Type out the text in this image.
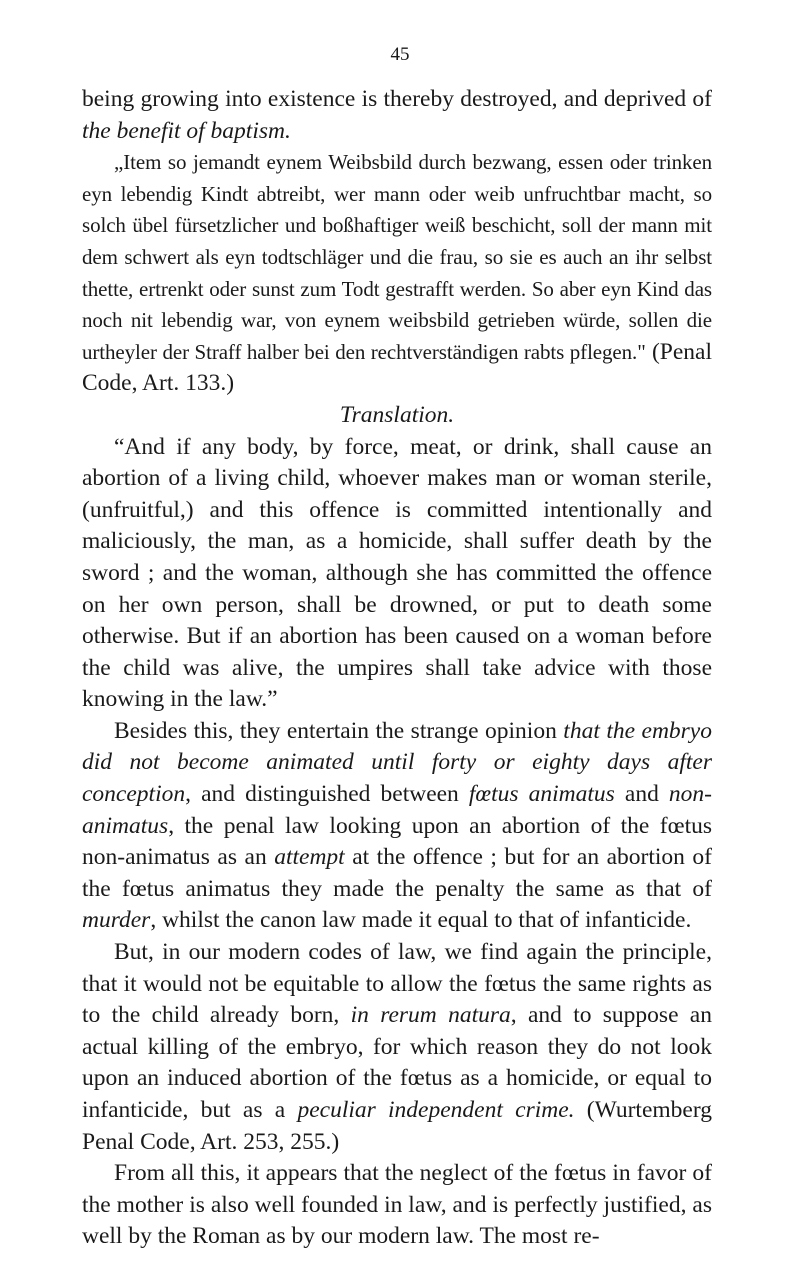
45

being growing into existence is thereby destroyed, and deprived of the benefit of baptism.

„Item so jemandt eynem Weibsbild durch bezwang, essen oder trinken eyn lebendig Kindt abtreibt, wer mann oder weib unfruchtbar macht, so solch übel fürsetzlicher und boßhaftiger weiß beschicht, soll der mann mit dem schwert als eyn todtschläger und die frau, so sie es auch an ihr selbst thette, ertrenkt oder sunst zum Todt gestrafft werden. So aber eyn Kind das noch nit lebendig war, von eynem weibsbild getrieben würde, sollen die urtheyler der Straff halber bei den rechtverständigen rabts pflegen." (Penal Code, Art. 133.)

Translation.

“And if any body, by force, meat, or drink, shall cause an abortion of a living child, whoever makes man or woman sterile, (unfruitful,) and this offence is committed intentionally and maliciously, the man, as a homicide, shall suffer death by the sword ; and the woman, although she has committed the offence on her own person, shall be drowned, or put to death some otherwise. But if an abortion has been caused on a woman before the child was alive, the umpires shall take advice with those knowing in the law.”

Besides this, they entertain the strange opinion that the embryo did not become animated until forty or eighty days after conception, and distinguished between fœtus animatus and non-animatus, the penal law looking upon an abortion of the fœtus non-animatus as an attempt at the offence ; but for an abortion of the fœtus animatus they made the penalty the same as that of murder, whilst the canon law made it equal to that of infanticide.

But, in our modern codes of law, we find again the principle, that it would not be equitable to allow the fœtus the same rights as to the child already born, in rerum natura, and to suppose an actual killing of the embryo, for which reason they do not look upon an induced abortion of the fœtus as a homicide, or equal to infanticide, but as a peculiar independent crime. (Wurtemberg Penal Code, Art. 253, 255.)

From all this, it appears that the neglect of the fœtus in favor of the mother is also well founded in law, and is perfectly justified, as well by the Roman as by our modern law. The most re-
